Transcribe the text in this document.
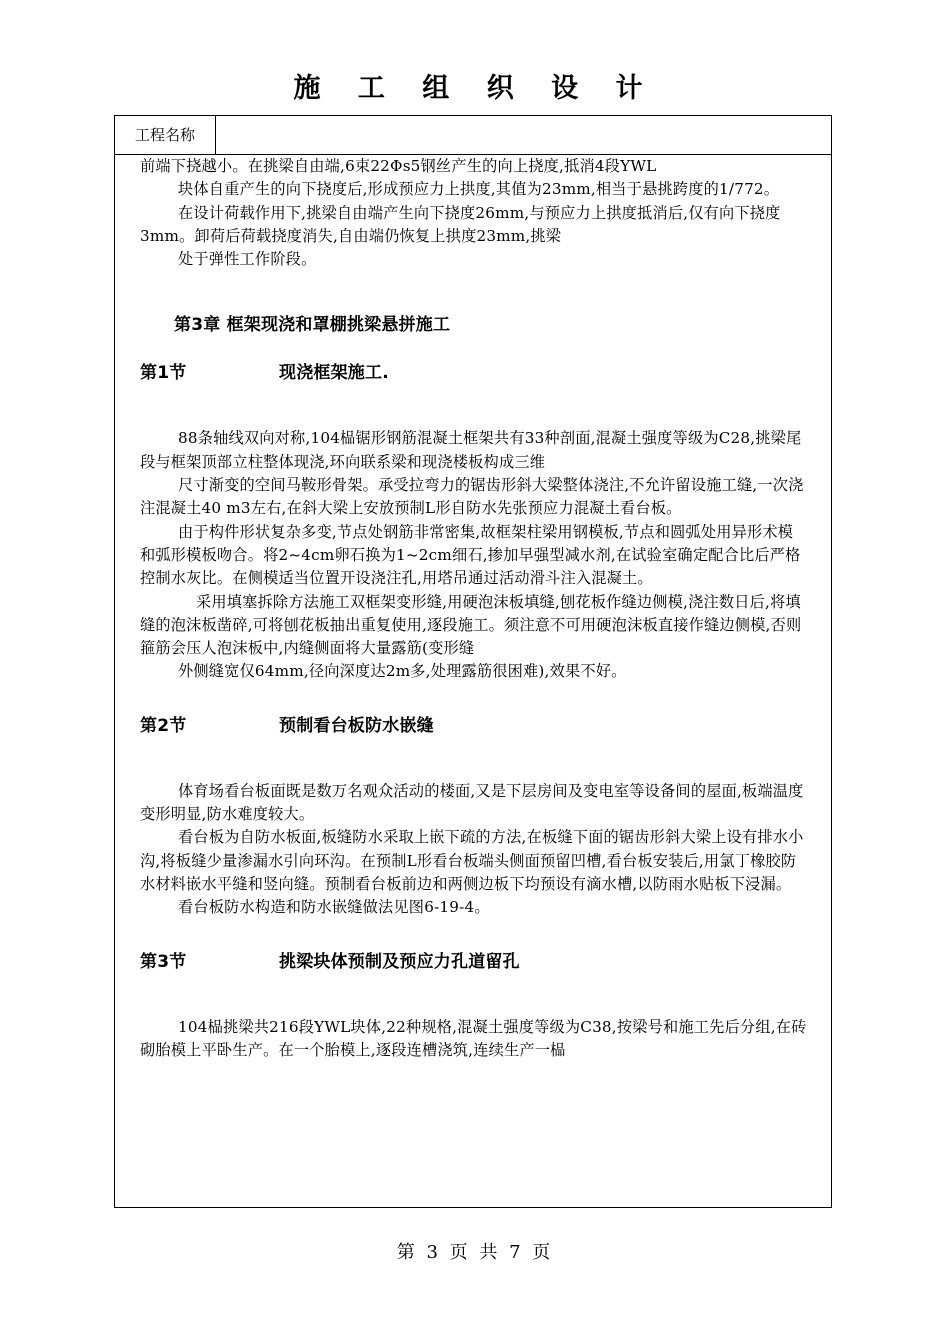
施 工 组 织 设 计
工程名称

前端下挠越小。在挑梁自由端,6束22Φs5钢丝产生的向上挠度,抵消4段YWL

块体自重产生的向下挠度后,形成预应力上拱度,其值为23mm,相当于悬挑跨度的1/772。

在设计荷载作用下,挑梁自由端产生向下挠度26mm,与预应力上拱度抵消后,仅有向下挠度3mm。卸荷后荷载挠度消失,自由端仍恢复上拱度23mm,挑梁

处于弹性工作阶段。

第3章 框架现浇和罩棚挑梁悬拼施工

第1节	现浇框架施工.

88条轴线双向对称,104榀锯形钢筋混凝土框架共有33种剖面,混凝土强度等级为C28,挑梁尾段与框架顶部立柱整体现浇,环向联系梁和现浇楼板构成三维

尺寸渐变的空间马鞍形骨架。承受拉弯力的锯齿形斜大梁整体浇注,不允许留设施工缝,一次浇注混凝土40 m3左右,在斜大梁上安放预制L形自防水先张预应力混凝土看台板。

由于构件形状复杂多变,节点处钢筋非常密集,故框架柱梁用钢模板,节点和圆弧处用异形术模和弧形模板吻合。将2~4cm卵石换为1~2cm细石,掺加早强型减水剂,在试验室确定配合比后严格控制水灰比。在侧模适当位置开设浇注孔,用塔吊通过活动滑斗注入混凝土。

采用填塞拆除方法施工双框架变形缝,用硬泡沫板填缝,刨花板作缝边侧模,浇注数日后,将填缝的泡沫板凿碎,可将刨花板抽出重复使用,逐段施工。须注意不可用硬泡沫板直接作缝边侧模,否则箍筋会压人泡沫板中,内缝侧面将大量露筋(变形缝

外侧缝宽仅64mm,径向深度达2m多,处理露筋很困难),效果不好。

第2节	预制看台板防水嵌缝

体育场看台板面既是数万名观众活动的楼面,又是下层房间及变电室等设备间的屋面,板端温度变形明显,防水难度较大。

看台板为自防水板面,板缝防水采取上嵌下疏的方法,在板缝下面的锯齿形斜大梁上设有排水小沟,将板缝少量渗漏水引向环沟。在预制L形看台板端头侧面预留凹槽,看台板安装后,用氯丁橡胶防水材料嵌水平缝和竖向缝。预制看台板前边和两侧边板下均预设有滴水槽,以防雨水贴板下浸漏。

看台板防水构造和防水嵌缝做法见图6-19-4。

第3节	挑梁块体预制及预应力孔道留孔

104榀挑梁共216段YWL块体,22种规格,混凝土强度等级为C38,按梁号和施工先后分组,在砖砌胎模上平卧生产。在一个胎模上,逐段连槽浇筑,连续生产一榀

第 3 页 共 7 页
